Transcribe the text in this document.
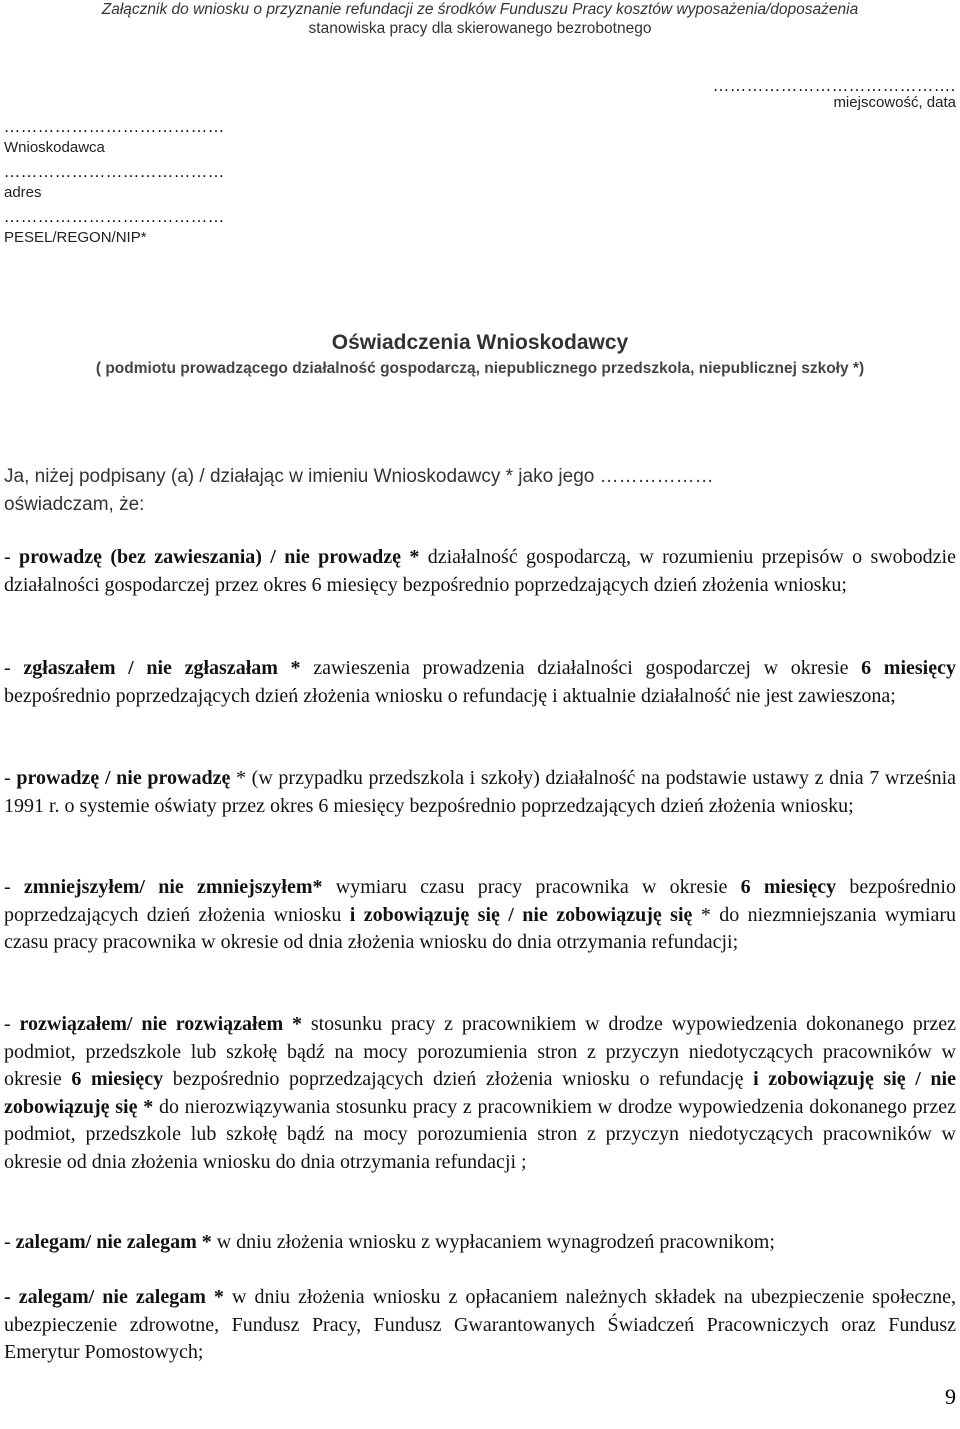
Załącznik do wniosku o przyznanie refundacji ze środków Funduszu Pracy kosztów wyposażenia/doposażenia
stanowiska pracy dla skierowanego bezrobotnego
…………………………………….
miejscowość, data
…………………………………
Wnioskodawca
…………………………………
adres
…………………………………
PESEL/REGON/NIP*
Oświadczenia Wnioskodawcy
( podmiotu prowadzącego działalność gospodarczą, niepublicznego przedszkola, niepublicznej szkoły *)
Ja, niżej podpisany (a) / działając w imieniu Wnioskodawcy * jako jego ………………
oświadczam, że:
- prowadzę (bez zawieszania) / nie prowadzę * działalność gospodarczą, w rozumieniu przepisów o swobodzie działalności gospodarczej przez okres 6 miesięcy bezpośrednio poprzedzających dzień złożenia wniosku;
- zgłaszałem / nie zgłaszałam * zawieszenia prowadzenia działalności gospodarczej w okresie 6 miesięcy bezpośrednio poprzedzających dzień złożenia wniosku o refundację i aktualnie działalność nie jest zawieszona;
- prowadzę / nie prowadzę * (w przypadku przedszkola i szkoły) działalność na podstawie ustawy z dnia 7 września 1991 r. o systemie oświaty przez okres 6 miesięcy bezpośrednio poprzedzających dzień złożenia wniosku;
- zmniejszyłem/ nie zmniejszyłem* wymiaru czasu pracy pracownika w okresie 6 miesięcy bezpośrednio poprzedzających dzień złożenia wniosku i zobowiązuję się / nie zobowiązuję się * do niezmniejszania wymiaru czasu pracy pracownika w okresie od dnia złożenia wniosku do dnia otrzymania refundacji;
- rozwiązałem/ nie rozwiązałem * stosunku pracy z pracownikiem w drodze wypowiedzenia dokonanego przez podmiot, przedszkole lub szkołę bądź na mocy porozumienia stron z przyczyn niedotyczących pracowników w okresie 6 miesięcy bezpośrednio poprzedzających dzień złożenia wniosku o refundację i zobowiązuję się / nie zobowiązuję się * do nierozwiązywania stosunku pracy z pracownikiem w drodze wypowiedzenia dokonanego przez podmiot, przedszkole lub szkołę bądź na mocy porozumienia stron z przyczyn niedotyczących pracowników w okresie od dnia złożenia wniosku do dnia otrzymania refundacji ;
- zalegam/ nie zalegam * w dniu złożenia wniosku z wypłacaniem wynagrodzeń pracownikom;
- zalegam/ nie zalegam * w dniu złożenia wniosku z opłacaniem należnych składek na ubezpieczenie społeczne, ubezpieczenie zdrowotne, Fundusz Pracy, Fundusz Gwarantowanych Świadczeń Pracowniczych oraz Fundusz Emerytur Pomostowych;
9
